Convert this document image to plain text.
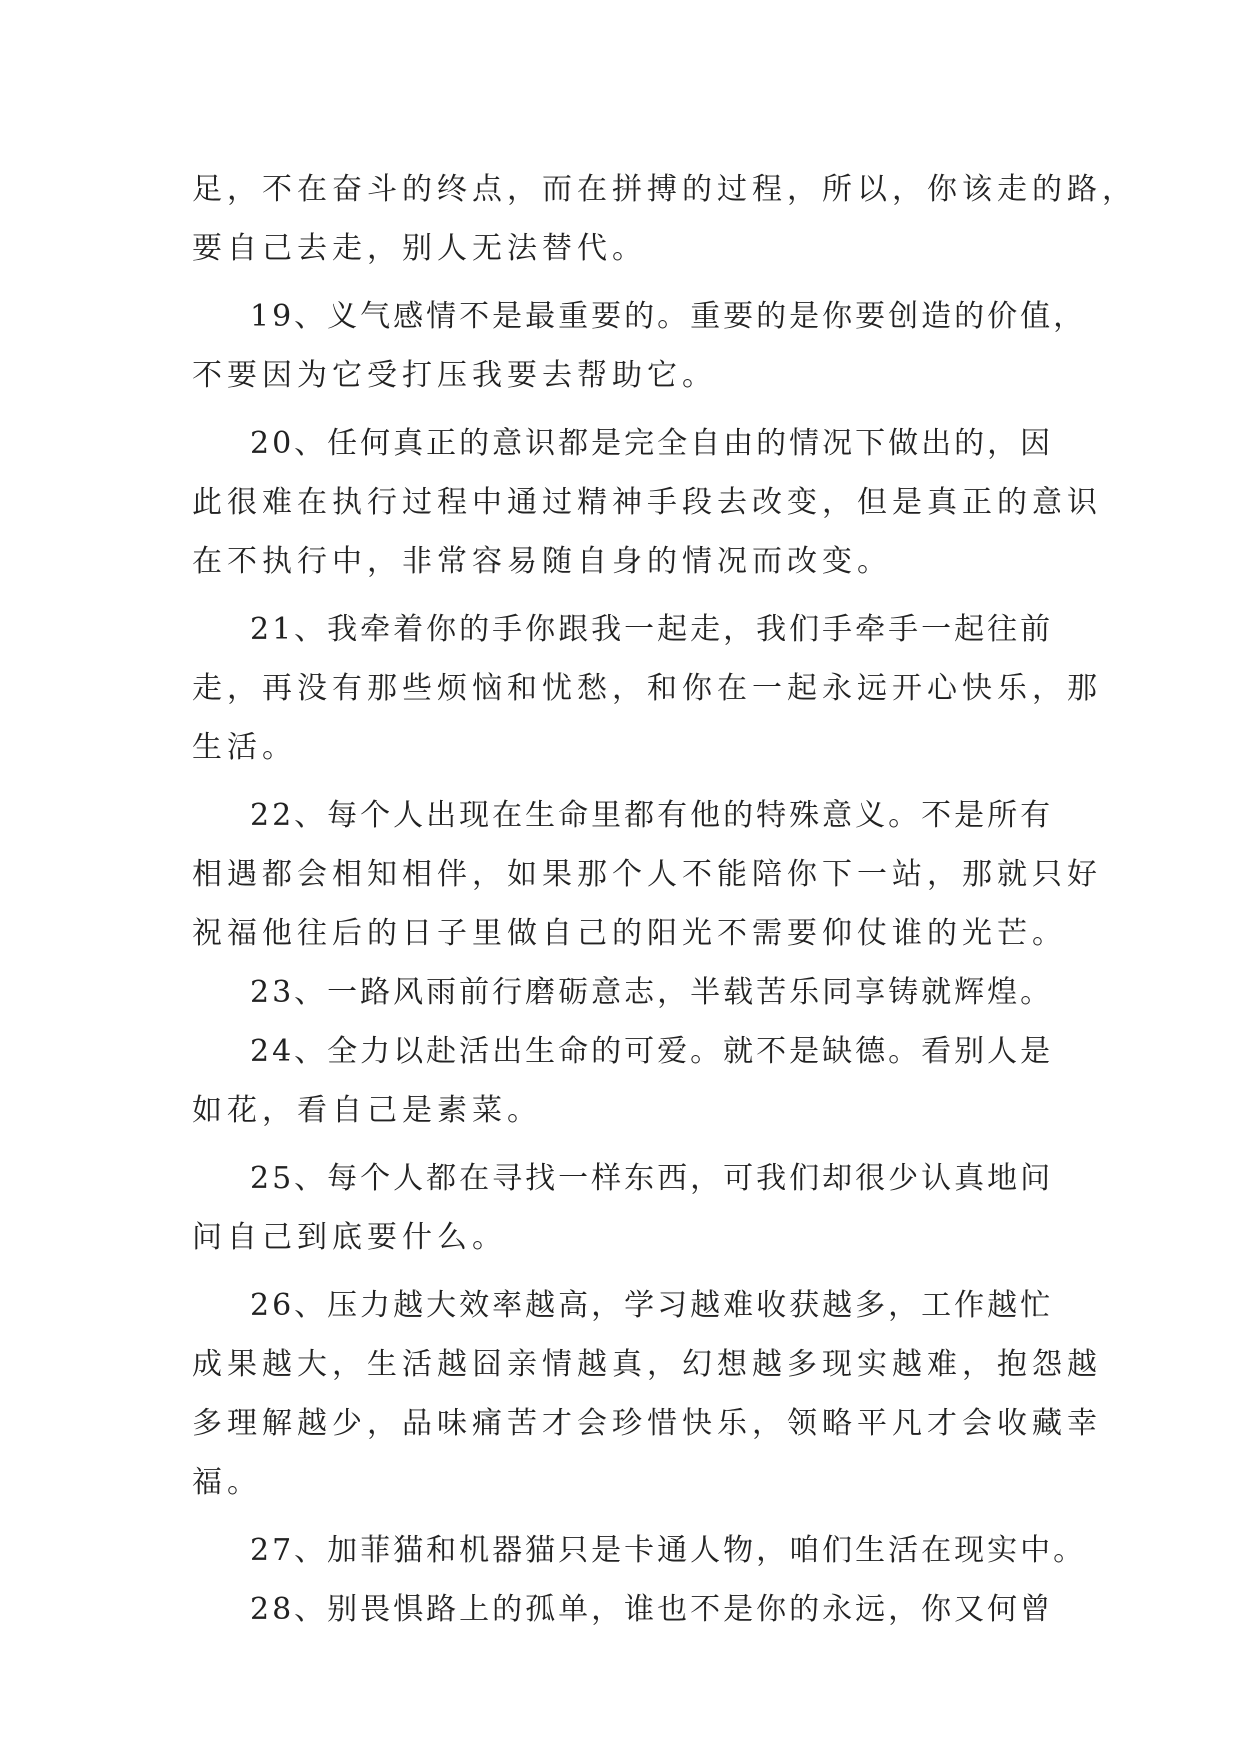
足，不在奋斗的终点，而在拼搏的过程，所以，你该走的路，
要自己去走，别人无法替代。
19、义气感情不是最重要的。重要的是你要创造的价值，
不要因为它受打压我要去帮助它。
20、任何真正的意识都是完全自由的情况下做出的，因
此很难在执行过程中通过精神手段去改变，但是真正的意识
在不执行中，非常容易随自身的情况而改变。
21、我牵着你的手你跟我一起走，我们手牵手一起往前
走，再没有那些烦恼和忧愁，和你在一起永远开心快乐，那
生活。
22、每个人出现在生命里都有他的特殊意义。不是所有
相遇都会相知相伴，如果那个人不能陪你下一站，那就只好
祝福他往后的日子里做自己的阳光不需要仰仗谁的光芒。
23、一路风雨前行磨砺意志，半载苦乐同享铸就辉煌。
24、全力以赴活出生命的可爱。就不是缺德。看别人是
如花，看自己是素菜。
25、每个人都在寻找一样东西，可我们却很少认真地问
问自己到底要什么。
26、压力越大效率越高，学习越难收获越多，工作越忙
成果越大，生活越囧亲情越真，幻想越多现实越难，抱怨越
多理解越少，品味痛苦才会珍惜快乐，领略平凡才会收藏幸
福。
27、加菲猫和机器猫只是卡通人物，咱们生活在现实中。
28、别畏惧路上的孤单，谁也不是你的永远，你又何曾
